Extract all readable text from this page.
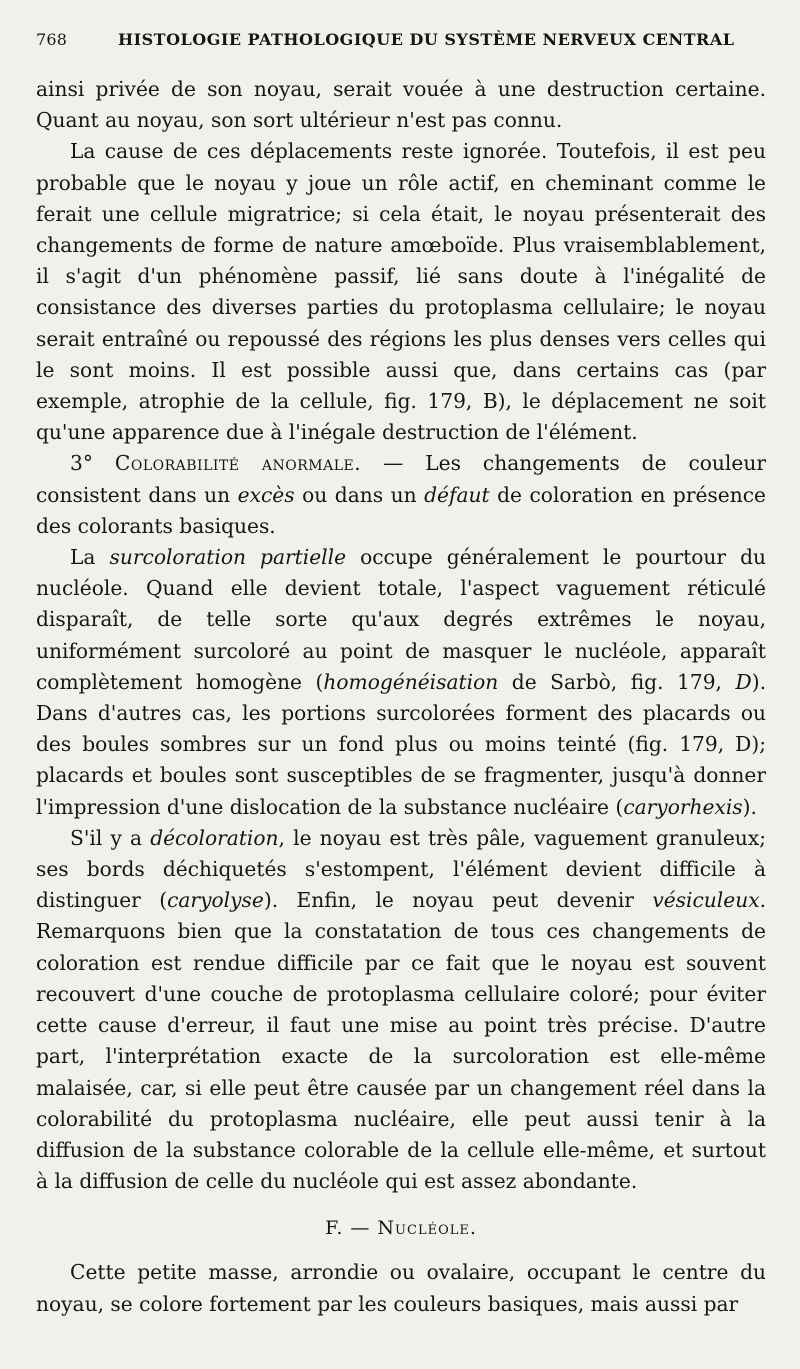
768	HISTOLOGIE PATHOLOGIQUE DU SYSTÈME NERVEUX CENTRAL

ainsi privée de son noyau, serait vouée à une destruction certaine. Quant au noyau, son sort ultérieur n'est pas connu.

La cause de ces déplacements reste ignorée. Toutefois, il est peu probable que le noyau y joue un rôle actif, en cheminant comme le ferait une cellule migratrice; si cela était, le noyau présenterait des changements de forme de nature amœboïde. Plus vraisemblablement, il s'agit d'un phénomène passif, lié sans doute à l'inégalité de consistance des diverses parties du protoplasma cellulaire; le noyau serait entraîné ou repoussé des régions les plus denses vers celles qui le sont moins. Il est possible aussi que, dans certains cas (par exemple, atrophie de la cellule, fig. 179, B), le déplacement ne soit qu'une apparence due à l'inégale destruction de l'élément.

3° Colorabilité anormale. — Les changements de couleur consistent dans un excès ou dans un défaut de coloration en présence des colorants basiques.

La surcoloration partielle occupe généralement le pourtour du nucléole. Quand elle devient totale, l'aspect vaguement réticulé disparaît, de telle sorte qu'aux degrés extrêmes le noyau, uniformément surcoloré au point de masquer le nucléole, apparaît complètement homogène (homogénéisation de Sarbò, fig. 179, D). Dans d'autres cas, les portions surcolorées forment des placards ou des boules sombres sur un fond plus ou moins teinté (fig. 179, D); placards et boules sont susceptibles de se fragmenter, jusqu'à donner l'impression d'une dislocation de la substance nucléaire (caryorhexis).

S'il y a décoloration, le noyau est très pâle, vaguement granuleux; ses bords déchiquetés s'estompent, l'élément devient difficile à distinguer (caryolyse). Enfin, le noyau peut devenir vésiculeux. Remarquons bien que la constatation de tous ces changements de coloration est rendue difficile par ce fait que le noyau est souvent recouvert d'une couche de protoplasma cellulaire coloré; pour éviter cette cause d'erreur, il faut une mise au point très précise. D'autre part, l'interprétation exacte de la surcoloration est elle-même malaisée, car, si elle peut être causée par un changement réel dans la colorabilité du protoplasma nucléaire, elle peut aussi tenir à la diffusion de la substance colorable de la cellule elle-même, et surtout à la diffusion de celle du nucléole qui est assez abondante.

F. — Nucléole.

Cette petite masse, arrondie ou ovalaire, occupant le centre du noyau, se colore fortement par les couleurs basiques, mais aussi par
